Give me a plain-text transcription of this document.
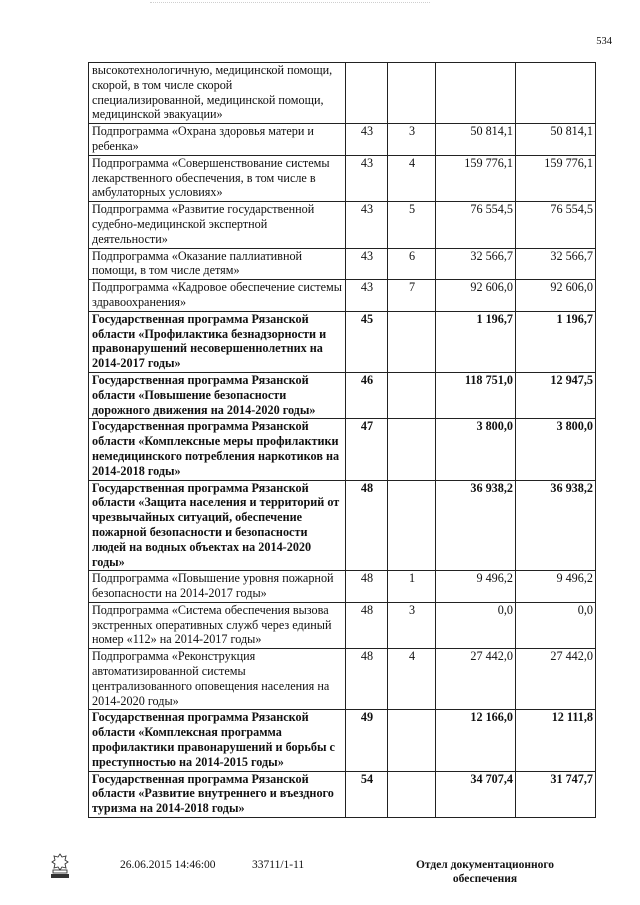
534
высокотехнологичную, медицинской помощи, скорой, в том числе скорой специализированной, медицинской помощи, медицинской эвакуации»				
Подпрограмма «Охрана здоровья матери и ребенка»	43	3	50 814,1	50 814,1
Подпрограмма «Совершенствование системы лекарственного обеспечения, в том числе в амбулаторных условиях»	43	4	159 776,1	159 776,1
Подпрограмма «Развитие государственной судебно-медицинской экспертной деятельности»	43	5	76 554,5	76 554,5
Подпрограмма «Оказание паллиативной помощи, в том числе детям»	43	6	32 566,7	32 566,7
Подпрограмма «Кадровое обеспечение системы здравоохранения»	43	7	92 606,0	92 606,0
Государственная программа Рязанской области «Профилактика безнадзорности и правонарушений несовершеннолетних на 2014-2017 годы»	45		1 196,7	1 196,7
Государственная программа Рязанской области «Повышение безопасности дорожного движения на 2014-2020 годы»	46		118 751,0	12 947,5
Государственная программа Рязанской области «Комплексные меры профилактики немедицинского потребления наркотиков на 2014-2018 годы»	47		3 800,0	3 800,0
Государственная программа Рязанской области «Защита населения и территорий от чрезвычайных ситуаций, обеспечение пожарной безопасности и безопасности людей на водных объектах на 2014-2020 годы»	48		36 938,2	36 938,2
Подпрограмма «Повышение уровня пожарной безопасности на 2014-2017 годы»	48	1	9 496,2	9 496,2
Подпрограмма «Система обеспечения вызова экстренных оперативных служб через единый номер «112» на 2014-2017 годы»	48	3	0,0	0,0
Подпрограмма «Реконструкция автоматизированной системы централизованного оповещения населения на 2014-2020 годы»	48	4	27 442,0	27 442,0
Государственная программа Рязанской области «Комплексная программа профилактики правонарушений и борьбы с преступностью на 2014-2015 годы»	49		12 166,0	12 111,8
Государственная программа Рязанской области «Развитие внутреннего и въездного туризма на 2014-2018 годы»	54		34 707,4	31 747,7
26.06.2015 14:46:00	33711/1-11	Отдел документационного обеспечения
